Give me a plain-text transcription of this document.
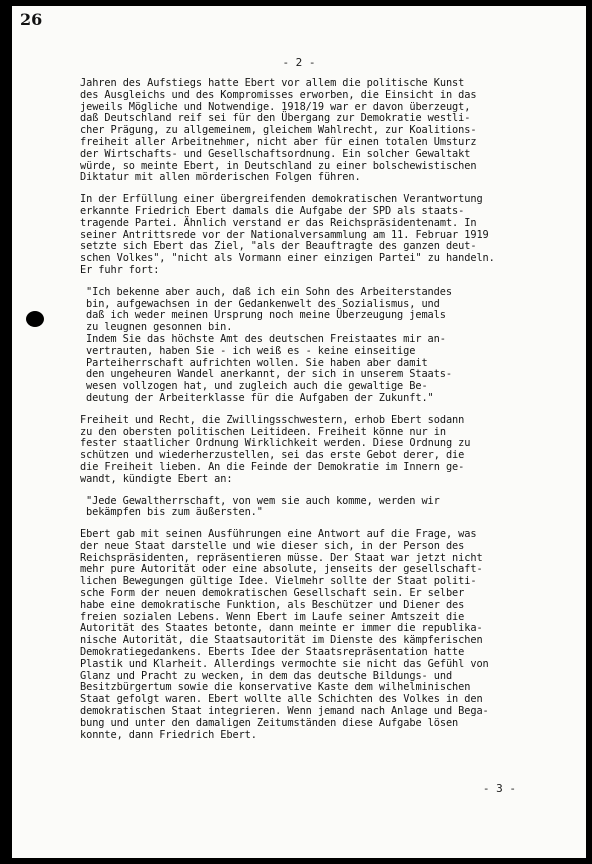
26
- 2 -
Jahren des Aufstiegs hatte Ebert vor allem die politische Kunst
des Ausgleichs und des Kompromisses erworben, die Einsicht in das
jeweils Mögliche und Notwendige. 1918/19 war er davon überzeugt,
daß Deutschland reif sei für den Übergang zur Demokratie westli-
cher Prägung, zu allgemeinem, gleichem Wahlrecht, zur Koalitions-
freiheit aller Arbeitnehmer, nicht aber für einen totalen Umsturz
der Wirtschafts- und Gesellschaftsordnung. Ein solcher Gewaltakt
würde, so meinte Ebert, in Deutschland zu einer bolschewistischen
Diktatur mit allen mörderischen Folgen führen.
In der Erfüllung einer übergreifenden demokratischen Verantwortung
erkannte Friedrich Ebert damals die Aufgabe der SPD als staats-
tragende Partei. Ähnlich verstand er das Reichspräsidentenamt. In
seiner Antrittsrede vor der Nationalversammlung am 11. Februar 1919
setzte sich Ebert das Ziel, "als der Beauftragte des ganzen deut-
schen Volkes", "nicht als Vormann einer einzigen Partei" zu handeln.
Er fuhr fort:
"Ich bekenne aber auch, daß ich ein Sohn des Arbeiterstandes
bin, aufgewachsen in der Gedankenwelt des Sozialismus, und
daß ich weder meinen Ursprung noch meine Überzeugung jemals
zu leugnen gesonnen bin.
Indem Sie das höchste Amt des deutschen Freistaates mir an-
vertrauten, haben Sie - ich weiß es - keine einseitige
Parteiherrschaft aufrichten wollen. Sie haben aber damit
den ungeheuren Wandel anerkannt, der sich in unserem Staats-
wesen vollzogen hat, und zugleich auch die gewaltige Be-
deutung der Arbeiterklasse für die Aufgaben der Zukunft."
Freiheit und Recht, die Zwillingsschwestern, erhob Ebert sodann
zu den obersten politischen Leitideen. Freiheit könne nur in
fester staatlicher Ordnung Wirklichkeit werden. Diese Ordnung zu
schützen und wiederherzustellen, sei das erste Gebot derer, die
die Freiheit lieben. An die Feinde der Demokratie im Innern ge-
wandt, kündigte Ebert an:
"Jede Gewaltherrschaft, von wem sie auch komme, werden wir
bekämpfen bis zum äußersten."
Ebert gab mit seinen Ausführungen eine Antwort auf die Frage, was
der neue Staat darstelle und wie dieser sich, in der Person des
Reichspräsidenten, repräsentieren müsse. Der Staat war jetzt nicht
mehr pure Autorität oder eine absolute, jenseits der gesellschaft-
lichen Bewegungen gültige Idee. Vielmehr sollte der Staat politi-
sche Form der neuen demokratischen Gesellschaft sein. Er selber
habe eine demokratische Funktion, als Beschützer und Diener des
freien sozialen Lebens. Wenn Ebert im Laufe seiner Amtszeit die
Autorität des Staates betonte, dann meinte er immer die republika-
nische Autorität, die Staatsautorität im Dienste des kämpferischen
Demokratiegedankens. Eberts Idee der Staatsrepräsentation hatte
Plastik und Klarheit. Allerdings vermochte sie nicht das Gefühl von
Glanz und Pracht zu wecken, in dem das deutsche Bildungs- und
Besitzbürgertum sowie die konservative Kaste dem wilhelminischen
Staat gefolgt waren. Ebert wollte alle Schichten des Volkes in den
demokratischen Staat integrieren. Wenn jemand nach Anlage und Bega-
bung und unter den damaligen Zeitumständen diese Aufgabe lösen
konnte, dann Friedrich Ebert.
- 3 -
